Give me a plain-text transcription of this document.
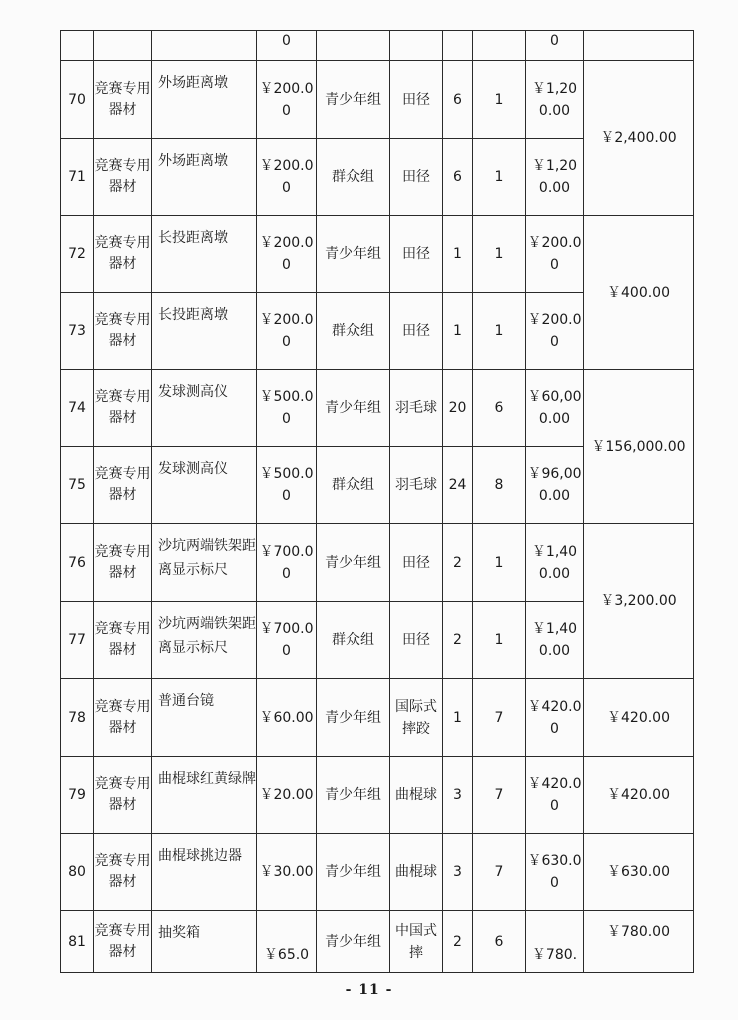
			0					0	
70	竞赛专用器材	外场距离墩	￥200.00	青少年组	田径	6	1	￥1,200.00	￥2,400.00
71	竞赛专用器材	外场距离墩	￥200.00	群众组	田径	6	1	￥1,200.00	
72	竞赛专用器材	长投距离墩	￥200.00	青少年组	田径	1	1	￥200.00	￥400.00
73	竞赛专用器材	长投距离墩	￥200.00	群众组	田径	1	1	￥200.00	
74	竞赛专用器材	发球测高仪	￥500.00	青少年组	羽毛球	20	6	￥60,000.00	￥156,000.00
75	竞赛专用器材	发球测高仪	￥500.00	群众组	羽毛球	24	8	￥96,000.00	
76	竞赛专用器材	沙坑两端铁架距离显示标尺	￥700.00	青少年组	田径	2	1	￥1,400.00	￥3,200.00
77	竞赛专用器材	沙坑两端铁架距离显示标尺	￥700.00	群众组	田径	2	1	￥1,400.00	
78	竞赛专用器材	普通台镜	￥60.00	青少年组	国际式摔跤	1	7	￥420.00	￥420.00
79	竞赛专用器材	曲棍球红黄绿牌	￥20.00	青少年组	曲棍球	3	7	￥420.00	￥420.00
80	竞赛专用器材	曲棍球挑边器	￥30.00	青少年组	曲棍球	3	7	￥630.00	￥630.00
81	竞赛专用器材	抽奖箱	￥65.0	青少年组	中国式摔	2	6	￥780.	￥780.00
- 11 -
